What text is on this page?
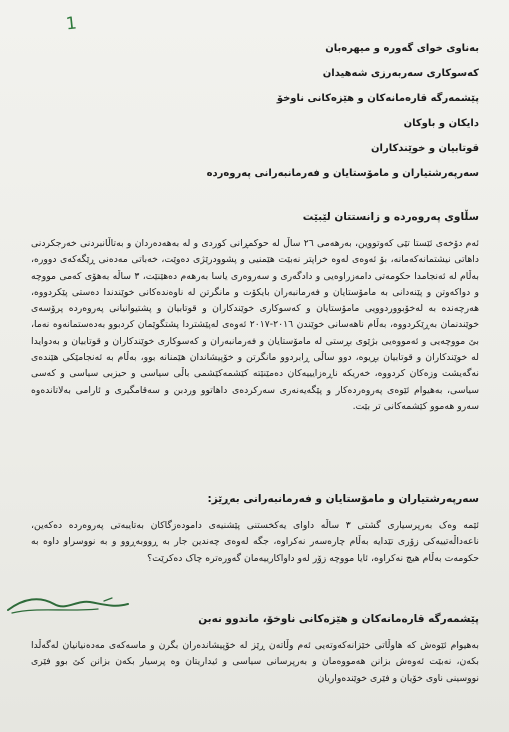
1
بەناوی خوای گەورە و میهرەبان
کەسوکاری سەربەرزی شەهیدان
پێشمەرگە قارەمانەکان و هێزەکانی ناوخۆ
دایکان و باوکان
قوتابیان و خوێندکاران
سەرپەرشتیاران و مامۆستایان و فەرمانبەرانی پەروەردە
سڵاوی پەروەردە و زانستتان لێبێت
ئەم دۆخەی ئێستا تێی کەوتووین، بەرهەمی ٢٦ ساڵ لە حوکمڕانی کوردی و لە بەهەدەردان و بەتاڵانبردنی خەرجکردنی داهاتی نیشتمانەکەمانە، بۆ ئەوەی لەوە خراپتر نەبێت هێمنیی و پشوودرێژی دەوێت، خەباتی مەدەنی ڕێگەکەی دووره، بەڵام لە ئەنجامدا حکومەتی دامەزراوەیی و دادگەری و سەروەری یاسا بەرهەم دەهێنێت، ٣ ساڵە بەهۆی کەمی مووچە و دواکەوتن و پێنەدانی بە مامۆستایان و فەرمانبەران بایکۆت و مانگرتن لە ناوەندەکانی خوێندندا دەستی پێکردووە، هەرچەندە بە لەخۆبووردوویی مامۆستایان و کەسوکاری خوێندکاران و قوتابیان و پشتیوانیانی پەروەردە پرۆسەی خوێندنمان بەڕێکردووە، بەڵام ناهەسانی خوێندن ٢٠١٦-٢٠١٧ ئەوەی لەپێشتردا پشتگوێمان کردبوو بەدەستمانەوە نەما، بێ مووچەیی و ئەمووەیی بژێوی بڕستی لە مامۆستایان و فەرمانبەران و کەسوکاری خوێندکاران و قوتابیان و بەدوایدا لە خوێندکاران و قوتابیان بڕیوە، دوو ساڵی ڕابردوو مانگرتن و خۆپیشاندان هێمنانە بوو، بەڵام بە ئەنجامێکی هێندەی نەگەیشت وزەکان کردووە، خەریکە ناڕەزایییەکان دەمێنێتە کێشمەکێشمی باڵی سیاسی و حیزبی سیاسی و کەسی سیاسی، بەهیوام ئێوەی پەروەردەکار و پێگەیەنەری سەرکردەی داهاتوو وردبن و سەقامگیری و ئارامی بەلاتاندەوە سەرو هەموو کێشمەکانی تر بێت.
سەرپەرشتیاران و مامۆستایان و فەرمانبەرانی بەڕێز:
ئێمە وەک بەرپرسیاری گشتی ٣ ساڵە داوای یەکخستنی پێشنیەی دامودەزگاکان بەتایبەتی پەروەردە دەکەین، ناعەداڵەتییەکی زۆری تێدایە بەڵام چارەسەر نەکراوە، جگە لەوەی چەندین جار بە ڕووبەڕوو و بە نووسراو داوە بە حکومەت بەڵام هیچ نەکراوە، ئایا مووچە زۆر لەو داواکارییەمان گەورەترە چاک دەکرێت؟
پێشمەرگە قارەمانەکان و هێزەکانی ناوخۆ، ماندوو نەبن
بەهیوام ئێوەش کە هاوڵاتی خێزانەکەوتەیی ئەم وڵاتەن ڕێز لە خۆپیشاندەران بگرن و ماسەکەی مەدەنیانیان لەگەڵدا بکەن، نەبێت ئەوەش بزانن هەمووەمان و بەرپرسانی سیاسی و ئیداریتان وە پرسیار بکەن بزانن کێ بوو فێری نووسینی ناوی خۆیان و فێری خوێندەواریان
